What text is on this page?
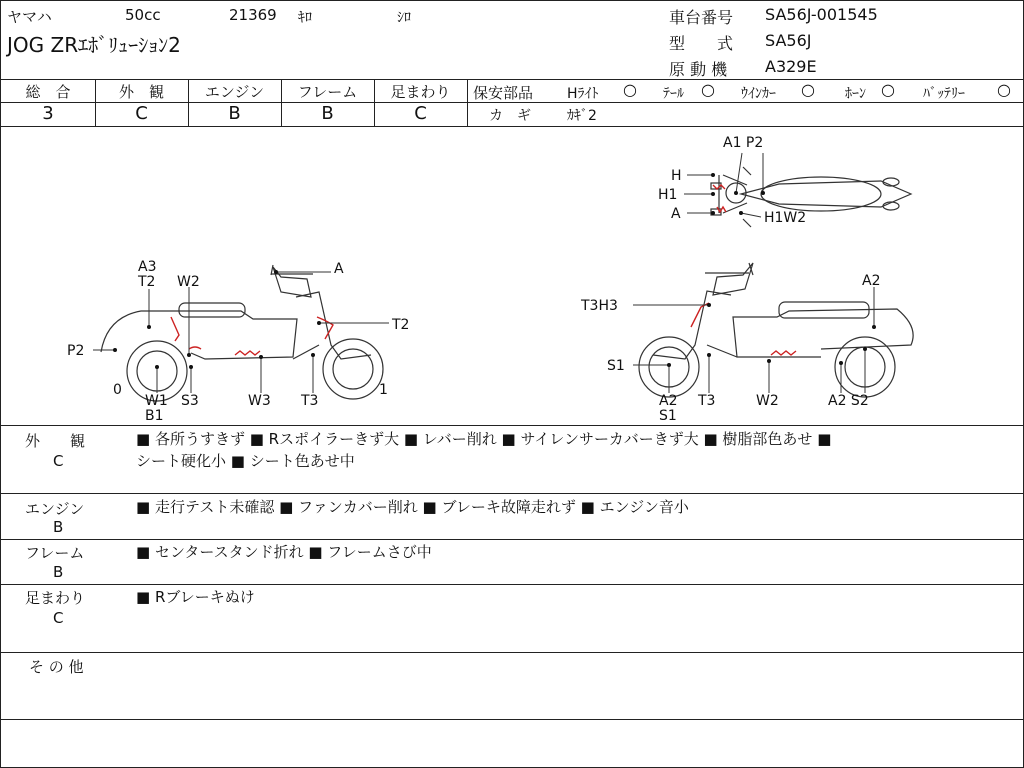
ヤマハ	50cc	21369 ｷﾛ	ｼﾛ
JOG ZRｴﾎﾞﾘｭｰｼｮﾝ2
車台番号 SA56J-001545
型　　式 SA56J
原 動 機 A329E
総　合
3
外　観
C
エンジン
B
フレーム
B
足まわり
C
保安部品 Hﾗｲﾄ ○ ﾃｰﾙ ○ ｳｲﾝｶｰ ○ ﾎｰﾝ ○ ﾊﾞｯﾃﾘｰ ○
カ　ギ	ｶｷﾞ2
A1 P2
H
H1
A	H1W2
A3
T2 W2
A
T2
P2
0
W1
B1
S3	W3 T3
1
T3H3
A2
S1
A2
S1
T3	W2	A2 S2
外　　観
C
■ 各所うすきず ■ Rスポイラーきず大 ■ レバー削れ ■ サイレンサーカバーきず大 ■ 樹脂部色あせ ■
シート硬化小 ■ シート色あせ中
エンジン
B
■ 走行テスト未確認 ■ ファンカバー削れ ■ ブレーキ故障走れず ■ エンジン音小
フレーム
B
■ センタースタンド折れ ■ フレームさび中
足まわり
C
■ Rブレーキぬけ
そ の 他
